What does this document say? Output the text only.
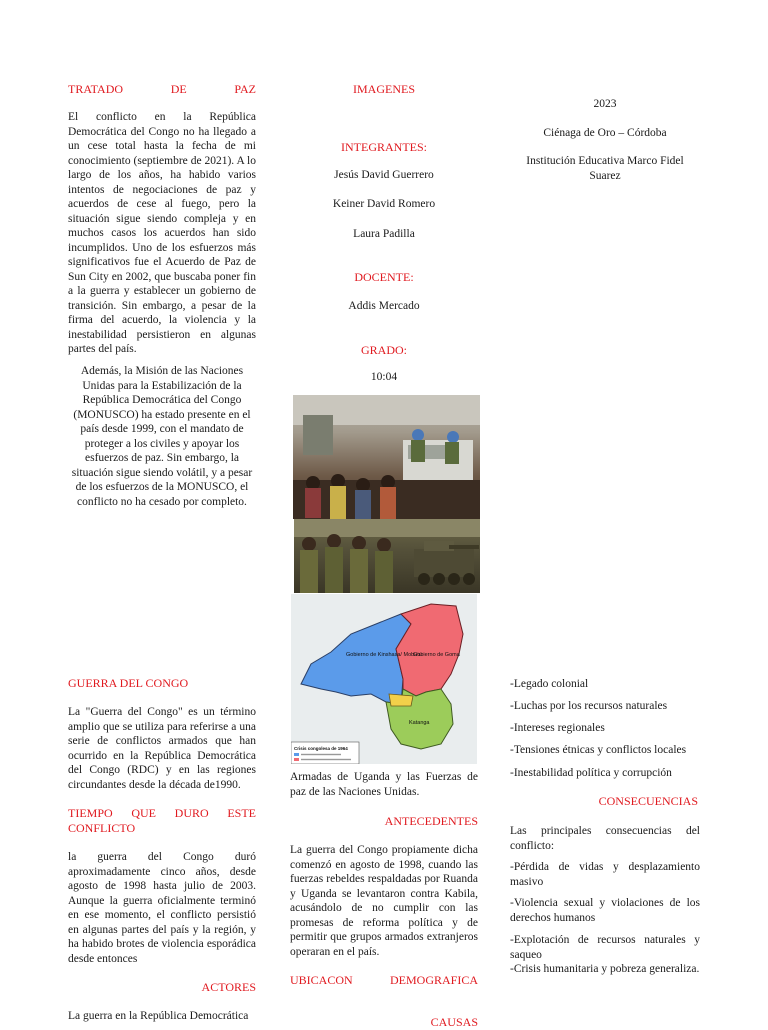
TRATADO	DE	PAZ
El conflicto en la República Democrática del Congo no ha llegado a un cese total hasta la fecha de mi conocimiento (septiembre de 2021). A lo largo de los años, ha habido varios intentos de negociaciones de paz y acuerdos de cese al fuego, pero la situación sigue siendo compleja y en muchos casos los acuerdos han sido incumplidos. Uno de los esfuerzos más significativos fue el Acuerdo de Paz de Sun City en 2002, que buscaba poner fin a la guerra y establecer un gobierno de transición. Sin embargo, a pesar de la firma del acuerdo, la violencia y la inestabilidad persistieron en algunas partes del país.
Además, la Misión de las Naciones Unidas para la Estabilización de la República Democrática del Congo (MONUSCO) ha estado presente en el país desde 1999, con el mandato de proteger a los civiles y apoyar los esfuerzos de paz. Sin embargo, la situación sigue siendo volátil, y a pesar de los esfuerzos de la MONUSCO, el conflicto no ha cesado por completo.
GUERRA DEL CONGO
La "Guerra del Congo" es un término amplio que se utiliza para referirse a una serie de conflictos armados que han ocurrido en la República Democrática del Congo (RDC) y en las regiones circundantes desde la década de1990.
TIEMPO QUE DURO ESTE
CONFLICTO
la guerra del Congo duró aproximadamente cinco años, desde agosto de 1998 hasta julio de 2003. Aunque la guerra oficialmente terminó en ese momento, el conflicto persistió en algunas partes del país y la región, y ha habido brotes de violencia esporádica desde entonces
ACTORES
La guerra en la República Democrática
IMAGENES
INTEGRANTES:
Jesús David Guerrero
Keiner David Romero
Laura Padilla
DOCENTE:
Addis Mercado
GRADO:
10:04
Gobierno de Kinshasa/ Mobutu
Gobierno de Goma
Katanga
Crisis congolesa de 1964
Armadas de Uganda y las Fuerzas de paz de las Naciones Unidas.
ANTECEDENTES
La guerra del Congo propiamente dicha comenzó en agosto de 1998, cuando las fuerzas rebeldes respaldadas por Ruanda y Uganda se levantaron contra Kabila, acusándolo de no cumplir con las promesas de reforma política y de permitir que grupos armados extranjeros operaran en el país.
UBICACON	DEMOGRAFICA
CAUSAS
2023
Ciénaga de Oro – Córdoba
Institución Educativa Marco Fidel Suarez
-Legado colonial
-Luchas por los recursos naturales
-Intereses regionales
-Tensiones étnicas y conflictos locales
-Inestabilidad política y corrupción
CONSECUENCIAS
Las principales consecuencias del conflicto:
-Pérdida de vidas y desplazamiento masivo
-Violencia sexual y violaciones de los derechos humanos
-Explotación de recursos naturales y saqueo
-Crisis humanitaria y pobreza generaliza.
